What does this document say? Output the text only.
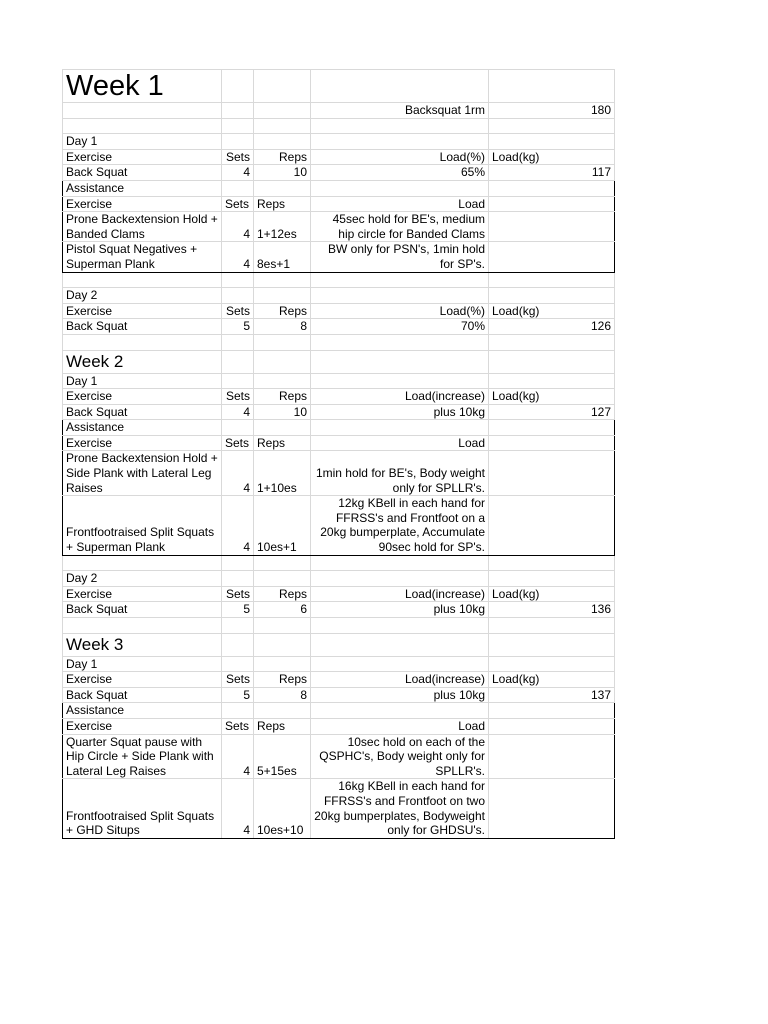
Week 1				
			Backsquat 1rm	180

Day 1				
Exercise	Sets	Reps	Load(%)	Load(kg)
Back Squat	4	10	65%	117
Assistance				
Exercise	Sets	Reps	Load	
Prone Backextension Hold + Banded Clams	4	1+12es	45sec hold for BE's, medium hip circle for Banded Clams	
Pistol Squat Negatives + Superman Plank	4	8es+1	BW only for PSN's, 1min hold for SP's.	

Day 2				
Exercise	Sets	Reps	Load(%)	Load(kg)
Back Squat	5	8	70%	126

Week 2				
Day 1				
Exercise	Sets	Reps	Load(increase)	Load(kg)
Back Squat	4	10	plus 10kg	127
Assistance				
Exercise	Sets	Reps	Load	
Prone Backextension Hold + Side Plank with Lateral Leg Raises	4	1+10es	1min hold for BE's, Body weight only for SPLLR's.	
Frontfootraised Split Squats + Superman Plank	4	10es+1	12kg KBell in each hand for FFRSS's and Frontfoot on a 20kg bumperplate, Accumulate 90sec hold for SP's.	

Day 2				
Exercise	Sets	Reps	Load(increase)	Load(kg)
Back Squat	5	6	plus 10kg	136

Week 3				
Day 1				
Exercise	Sets	Reps	Load(increase)	Load(kg)
Back Squat	5	8	plus 10kg	137
Assistance				
Exercise	Sets	Reps	Load	
Quarter Squat pause with Hip Circle + Side Plank with Lateral Leg Raises	4	5+15es	10sec hold on each of the QSPHC's, Body weight only for SPLLR's.	
Frontfootraised Split Squats + GHD Situps	4	10es+10	16kg KBell in each hand for FFRSS's and Frontfoot on two 20kg bumperplates, Bodyweight only for GHDSU's.	
